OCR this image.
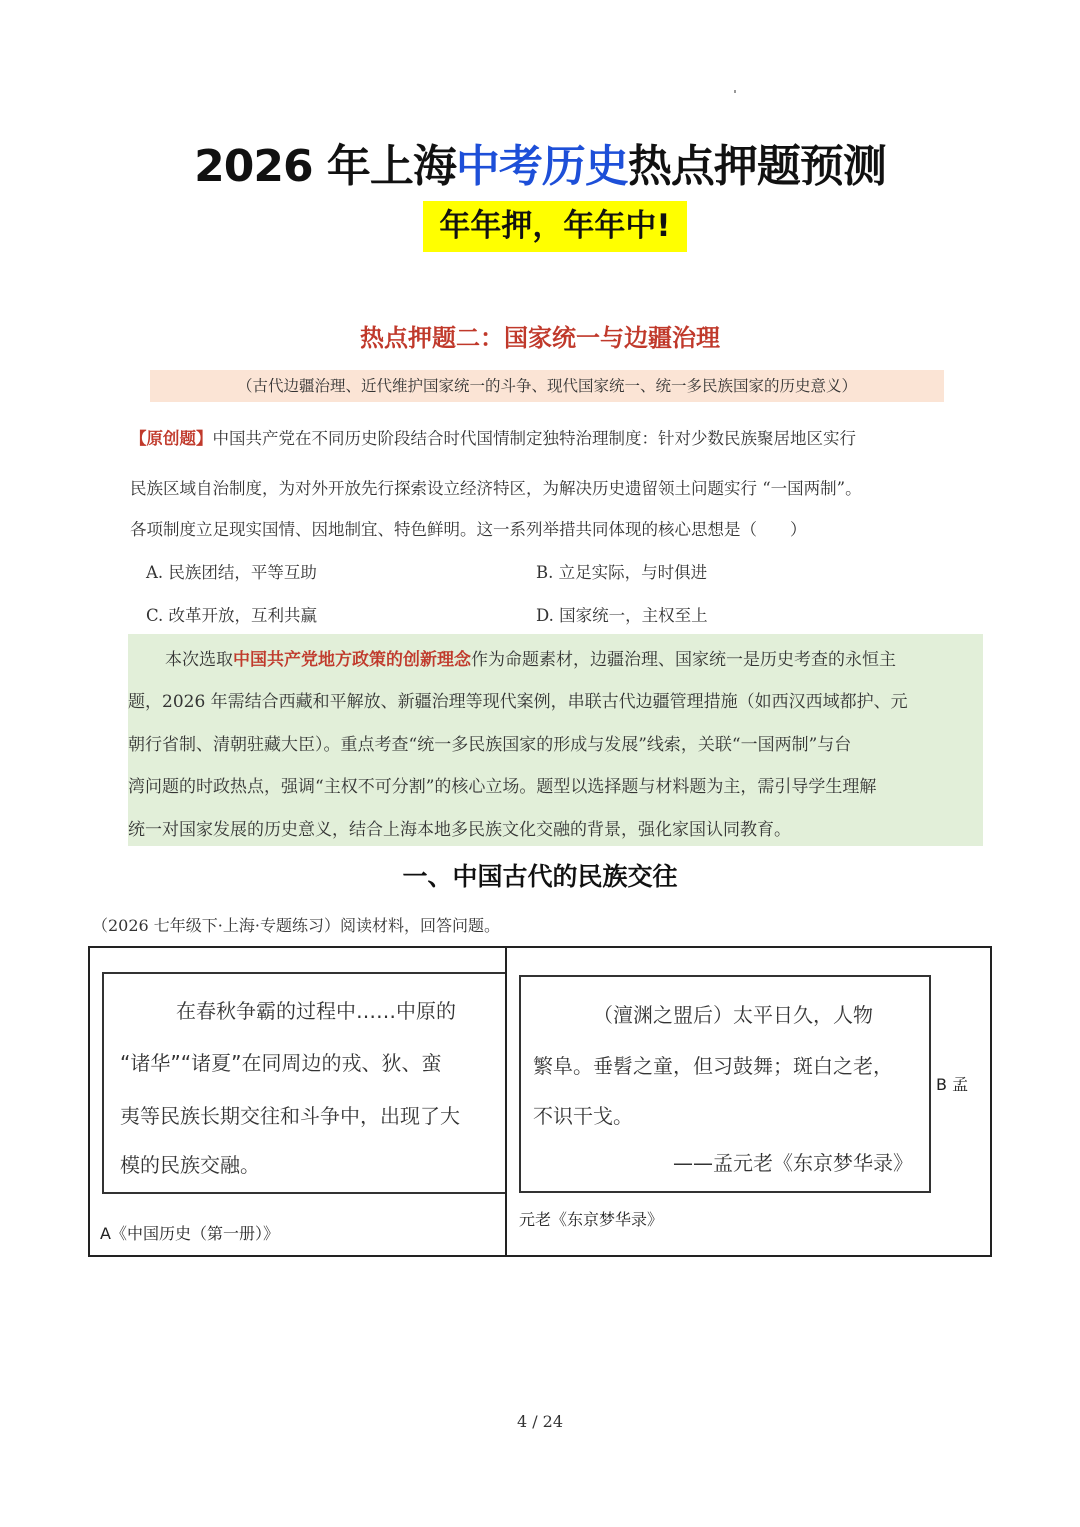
2026 年上海中考历史热点押题预测
年年押，年年中!
热点押题二：国家统一与边疆治理
（古代边疆治理、近代维护国家统一的斗争、现代国家统一、统一多民族国家的历史意义）
【原创题】中国共产党在不同历史阶段结合时代国情制定独特治理制度：针对少数民族聚居地区实行
民族区域自治制度，为对外开放先行探索设立经济特区，为解决历史遗留领土问题实行 “一国两制”。
各项制度立足现实国情、因地制宜、特色鲜明。这一系列举措共同体现的核心思想是（　　）
A. 民族团结，平等互助	B. 立足实际，与时俱进
C. 改革开放，互利共赢	D. 国家统一，主权至上
本次选取中国共产党地方政策的创新理念作为命题素材，边疆治理、国家统一是历史考查的永恒主
题，2026 年需结合西藏和平解放、新疆治理等现代案例，串联古代边疆管理措施（如西汉西域都护、元
朝行省制、清朝驻藏大臣）。重点考查“统一多民族国家的形成与发展”线索，关联“一国两制”与台
湾问题的时政热点，强调“主权不可分割”的核心立场。题型以选择题与材料题为主，需引导学生理解
统一对国家发展的历史意义，结合上海本地多民族文化交融的背景，强化家国认同教育。
一、中国古代的民族交往
（2026 七年级下·上海·专题练习）阅读材料，回答问题。
在春秋争霸的过程中……中原的
“诸华”“诸夏”在同周边的戎、狄、蛮
夷等民族长期交往和斗争中，出现了大
模的民族交融。
A《中国历史（第一册）》
（澶渊之盟后）太平日久，人物
繁阜。垂髫之童，但习鼓舞；斑白之老，
不识干戈。
——孟元老《东京梦华录》
B 孟
元老《东京梦华录》
4 / 24
